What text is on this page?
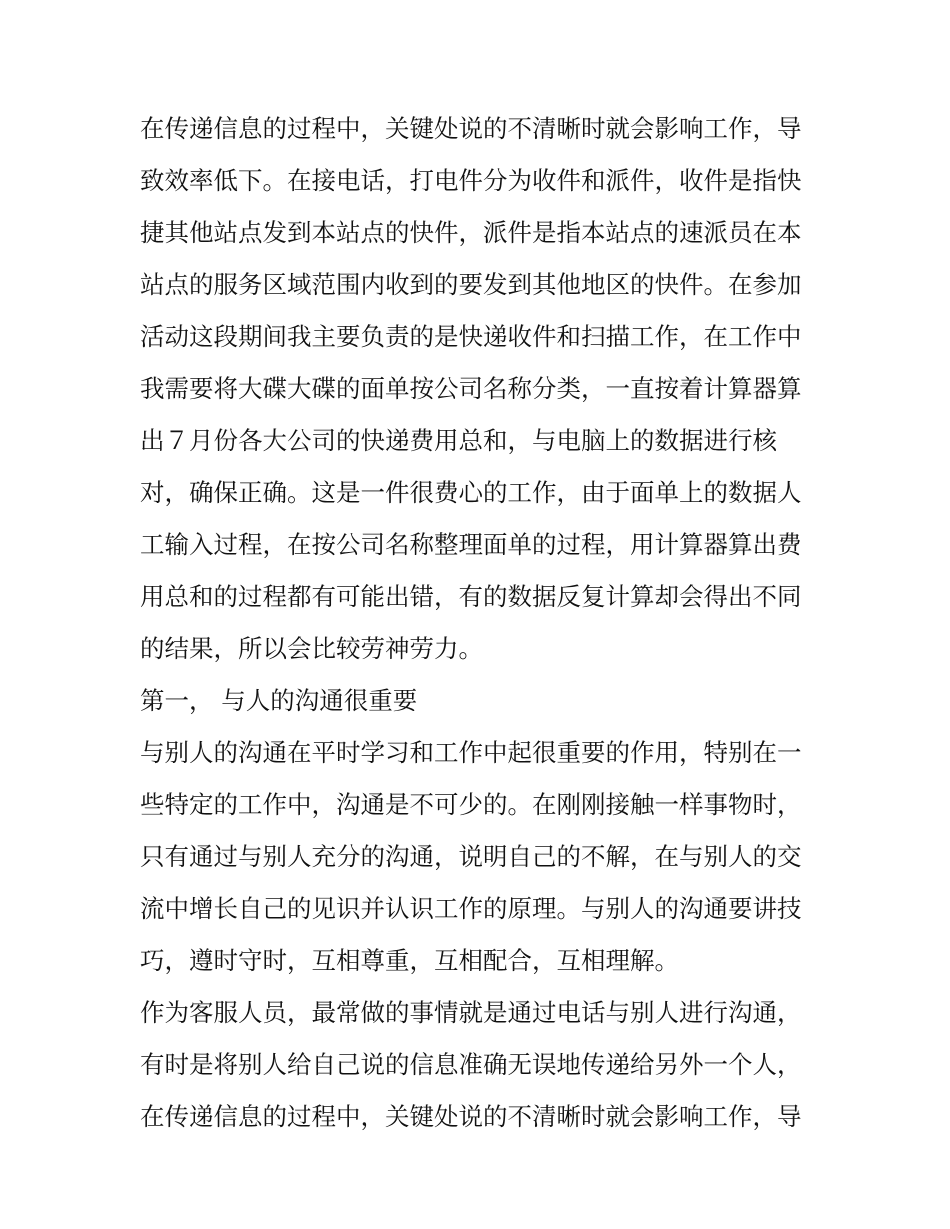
在传递信息的过程中，关键处说的不清晰时就会影响工作，导
致效率低下。在接电话，打电件分为收件和派件，收件是指快
捷其他站点发到本站点的快件，派件是指本站点的速派员在本
站点的服务区域范围内收到的要发到其他地区的快件。在参加
活动这段期间我主要负责的是快递收件和扫描工作，在工作中
我需要将大碟大碟的面单按公司名称分类，一直按着计算器算
出７月份各大公司的快递费用总和，与电脑上的数据进行核
对，确保正确。这是一件很费心的工作，由于面单上的数据人
工输入过程，在按公司名称整理面单的过程，用计算器算出费
用总和的过程都有可能出错，有的数据反复计算却会得出不同
的结果，所以会比较劳神劳力。
第一， 与人的沟通很重要
与别人的沟通在平时学习和工作中起很重要的作用，特别在一
些特定的工作中，沟通是不可少的。在刚刚接触一样事物时，
只有通过与别人充分的沟通，说明自己的不解，在与别人的交
流中增长自己的见识并认识工作的原理。与别人的沟通要讲技
巧，遵时守时，互相尊重，互相配合，互相理解。
作为客服人员，最常做的事情就是通过电话与别人进行沟通，
有时是将别人给自己说的信息准确无误地传递给另外一个人，
在传递信息的过程中，关键处说的不清晰时就会影响工作，导
